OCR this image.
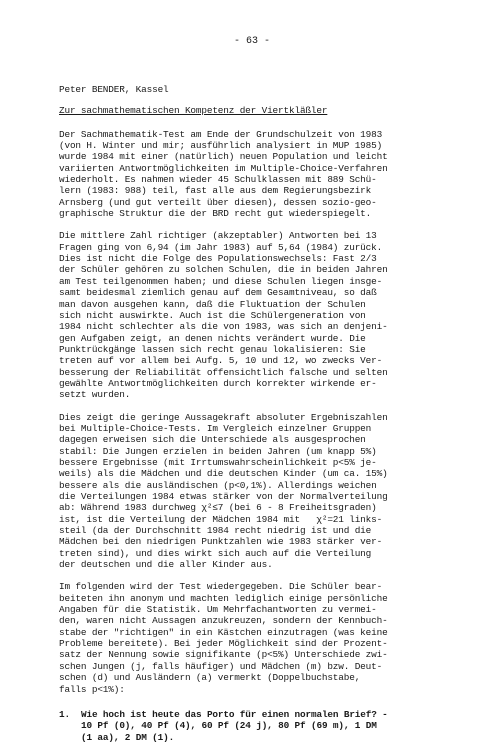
- 63 -
Peter BENDER, Kassel
Zur sachmathematischen Kompetenz der Viertkläßler
Der Sachmathematik-Test am Ende der Grundschulzeit von 1983
(von H. Winter und mir; ausführlich analysiert in MUP 1985)
wurde 1984 mit einer (natürlich) neuen Population und leicht
variierten Antwortmöglichkeiten im Multiple-Choice-Verfahren
wiederholt. Es nahmen wieder 45 Schulklassen mit 889 Schü-
lern (1983: 988) teil, fast alle aus dem Regierungsbezirk
Arnsberg (und gut verteilt über diesen), dessen sozio-geo-
graphische Struktur die der BRD recht gut wiederspiegelt.
Die mittlere Zahl richtiger (akzeptabler) Antworten bei 13
Fragen ging von 6,94 (im Jahr 1983) auf 5,64 (1984) zurück.
Dies ist nicht die Folge des Populationswechsels: Fast 2/3
der Schüler gehören zu solchen Schulen, die in beiden Jahren
am Test teilgenommen haben; und diese Schulen liegen insge-
samt beidesmal ziemlich genau auf dem Gesamtniveau, so daß
man davon ausgehen kann, daß die Fluktuation der Schulen
sich nicht auswirkte. Auch ist die Schülergeneration von
1984 nicht schlechter als die von 1983, was sich an denjeni-
gen Aufgaben zeigt, an denen nichts verändert wurde. Die
Punktrückgänge lassen sich recht genau lokalisieren: Sie
treten auf vor allem bei Aufg. 5, 10 und 12, wo zwecks Ver-
besserung der Reliabilität offensichtlich falsche und selten
gewählte Antwortmöglichkeiten durch korrekter wirkende er-
setzt wurden.
Dies zeigt die geringe Aussagekraft absoluter Ergebniszahlen
bei Multiple-Choice-Tests. Im Vergleich einzelner Gruppen
dagegen erweisen sich die Unterschiede als ausgesprochen
stabil: Die Jungen erzielen in beiden Jahren (um knapp 5%)
bessere Ergebnisse (mit Irrtumswahrscheinlichkeit p<5% je-
weils) als die Mädchen und die deutschen Kinder (um ca. 15%)
bessere als die ausländischen (p<0,1%). Allerdings weichen
die Verteilungen 1984 etwas stärker von der Normalverteilung
ab: Während 1983 durchweg χ²≤7 (bei 6 - 8 Freiheitsgraden)
ist, ist die Verteilung der Mädchen 1984 mit   χ²=21 links-
steil (da der Durchschnitt 1984 recht niedrig ist und die
Mädchen bei den niedrigen Punktzahlen wie 1983 stärker ver-
treten sind), und dies wirkt sich auch auf die Verteilung
der deutschen und die aller Kinder aus.
Im folgenden wird der Test wiedergegeben. Die Schüler bear-
beiteten ihn anonym und machten lediglich einige persönliche
Angaben für die Statistik. Um Mehrfachantworten zu vermei-
den, waren nicht Aussagen anzukreuzen, sondern der Kennbuch-
stabe der "richtigen" in ein Kästchen einzutragen (was keine
Probleme bereitete). Bei jeder Möglichkeit sind der Prozent-
satz der Nennung sowie signifikante (p<5%) Unterschiede zwi-
schen Jungen (j, falls häufiger) und Mädchen (m) bzw. Deut-
schen (d) und Ausländern (a) vermerkt (Doppelbuchstabe,
falls p<1%):
1.	Wie hoch ist heute das Porto für einen normalen Brief? -
10 Pf (0), 40 Pf (4), 60 Pf (24 j), 80 Pf (69 m), 1 DM
(1 aa), 2 DM (1).
